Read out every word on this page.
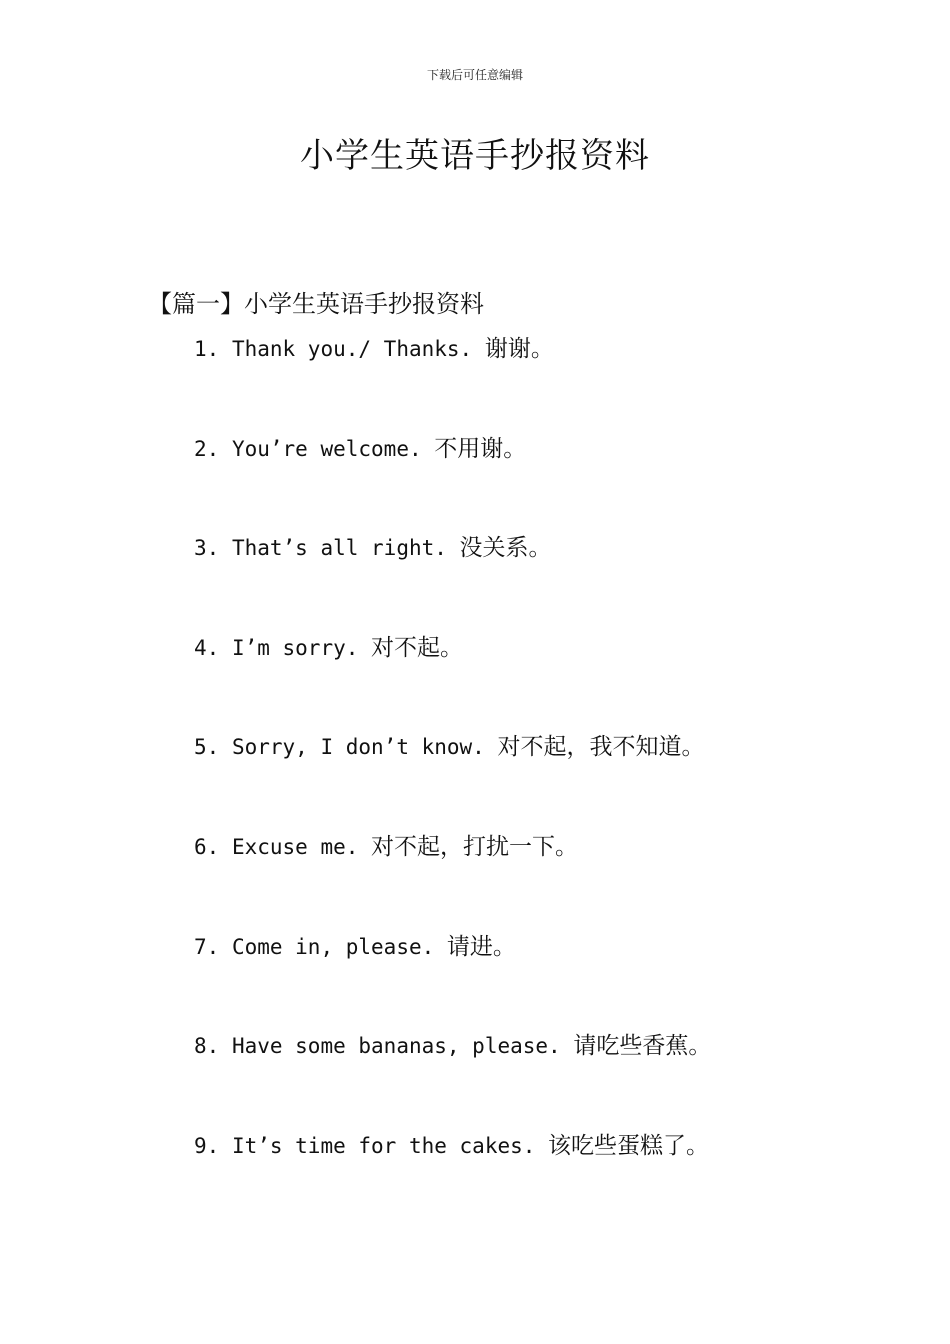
下载后可任意编辑
小学生英语手抄报资料
【篇一】小学生英语手抄报资料
1. Thank you./ Thanks. 谢谢。
2. You’re welcome. 不用谢。
3. That’s all right. 没关系。
4. I’m sorry. 对不起。
5. Sorry, I don’t know. 对不起，我不知道。
6. Excuse me. 对不起，打扰一下。
7. Come in, please. 请进。
8. Have some bananas, please. 请吃些香蕉。
9. It’s time for the cakes. 该吃些蛋糕了。
